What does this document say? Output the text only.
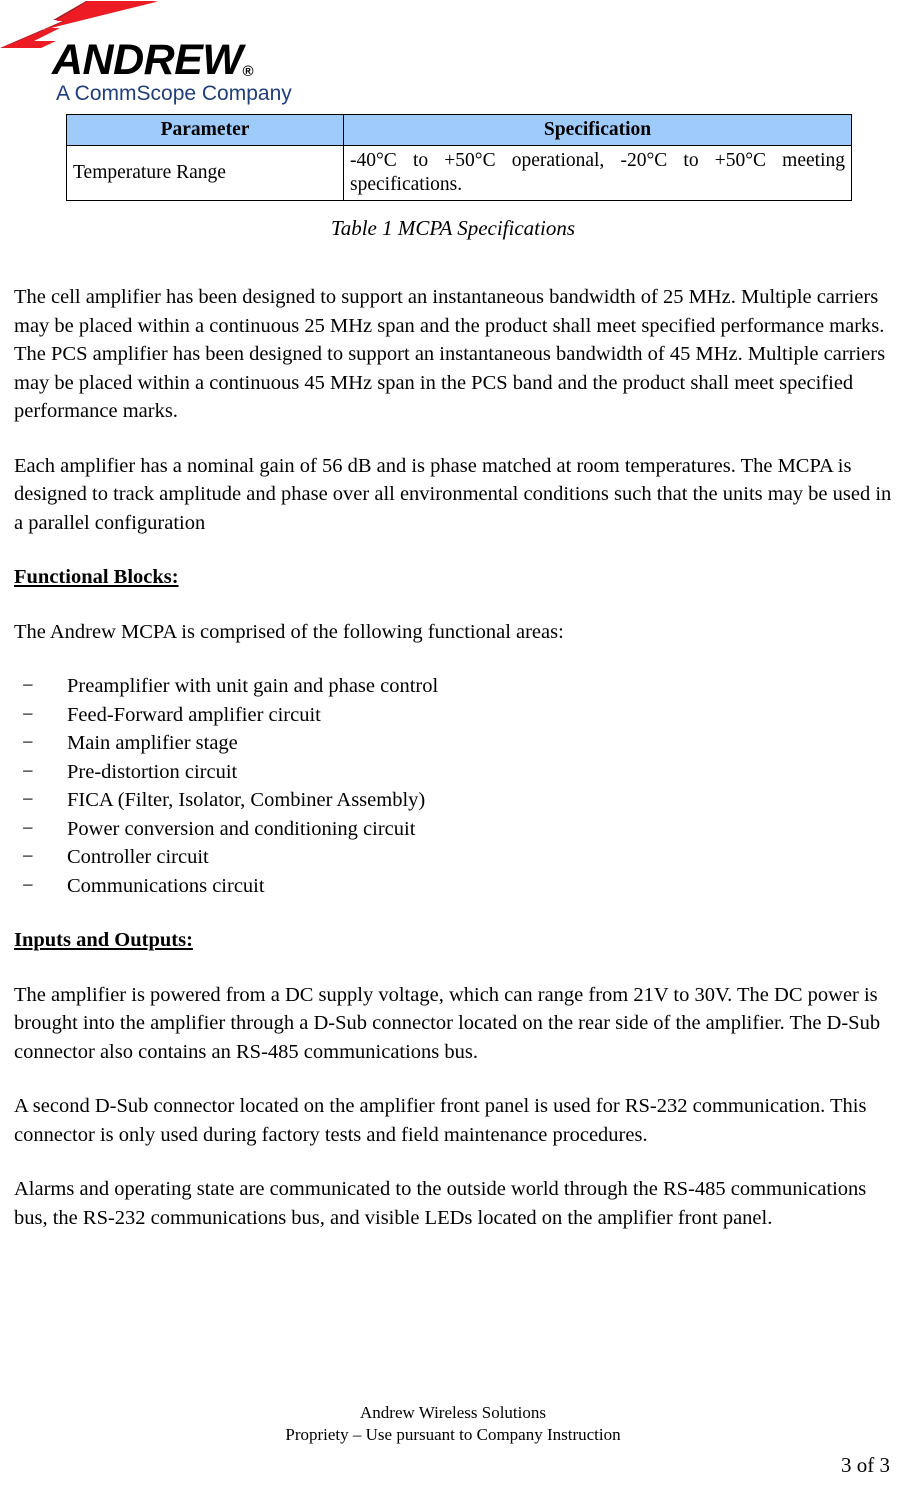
ANDREW®
A CommScope Company
Parameter	Specification
Temperature Range	-40°C to +50°C operational, -20°C to +50°C meeting
specifications.
Table 1 MCPA Specifications

The cell amplifier has been designed to support an instantaneous bandwidth of 25 MHz. Multiple carriers may be placed within a continuous 25 MHz span and the product shall meet specified performance marks. The PCS amplifier has been designed to support an instantaneous bandwidth of 45 MHz. Multiple carriers may be placed within a continuous 45 MHz span in the PCS band and the product shall meet specified performance marks.

Each amplifier has a nominal gain of 56 dB and is phase matched at room temperatures. The MCPA is designed to track amplitude and phase over all environmental conditions such that the units may be used in a parallel configuration

Functional Blocks:

The Andrew MCPA is comprised of the following functional areas:

− Preamplifier with unit gain and phase control
− Feed-Forward amplifier circuit
− Main amplifier stage
− Pre-distortion circuit
− FICA (Filter, Isolator, Combiner Assembly)
− Power conversion and conditioning circuit
− Controller circuit
− Communications circuit

Inputs and Outputs:

The amplifier is powered from a DC supply voltage, which can range from 21V to 30V. The DC power is brought into the amplifier through a D-Sub connector located on the rear side of the amplifier. The D-Sub connector also contains an RS-485 communications bus.

A second D-Sub connector located on the amplifier front panel is used for RS-232 communication. This connector is only used during factory tests and field maintenance procedures.

Alarms and operating state are communicated to the outside world through the RS-485 communications bus, the RS-232 communications bus, and visible LEDs located on the amplifier front panel.

Andrew Wireless Solutions
Propriety – Use pursuant to Company Instruction
3 of 3
